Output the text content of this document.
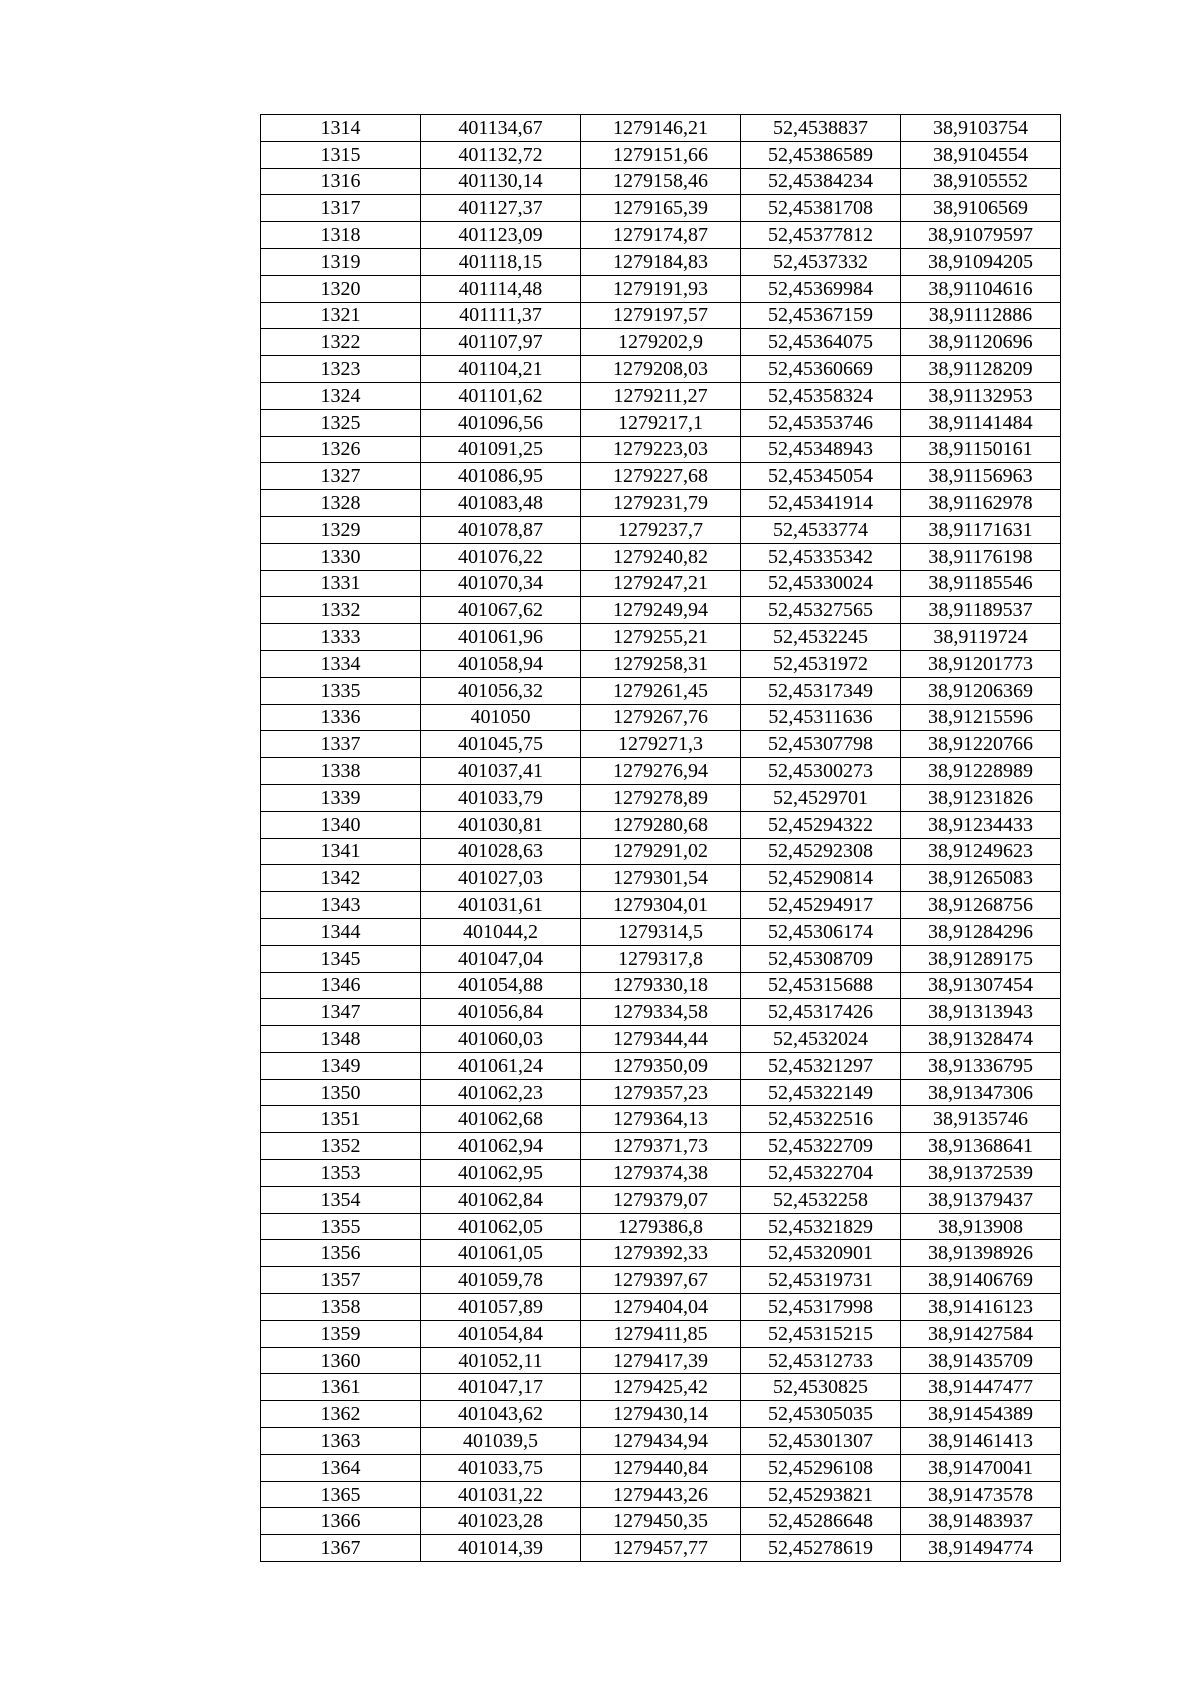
1314	401134,67	1279146,21	52,4538837	38,9103754
1315	401132,72	1279151,66	52,45386589	38,9104554
1316	401130,14	1279158,46	52,45384234	38,9105552
1317	401127,37	1279165,39	52,45381708	38,9106569
1318	401123,09	1279174,87	52,45377812	38,91079597
1319	401118,15	1279184,83	52,4537332	38,91094205
1320	401114,48	1279191,93	52,45369984	38,91104616
1321	401111,37	1279197,57	52,45367159	38,91112886
1322	401107,97	1279202,9	52,45364075	38,91120696
1323	401104,21	1279208,03	52,45360669	38,91128209
1324	401101,62	1279211,27	52,45358324	38,91132953
1325	401096,56	1279217,1	52,45353746	38,91141484
1326	401091,25	1279223,03	52,45348943	38,91150161
1327	401086,95	1279227,68	52,45345054	38,91156963
1328	401083,48	1279231,79	52,45341914	38,91162978
1329	401078,87	1279237,7	52,4533774	38,91171631
1330	401076,22	1279240,82	52,45335342	38,91176198
1331	401070,34	1279247,21	52,45330024	38,91185546
1332	401067,62	1279249,94	52,45327565	38,91189537
1333	401061,96	1279255,21	52,4532245	38,9119724
1334	401058,94	1279258,31	52,4531972	38,91201773
1335	401056,32	1279261,45	52,45317349	38,91206369
1336	401050	1279267,76	52,45311636	38,91215596
1337	401045,75	1279271,3	52,45307798	38,91220766
1338	401037,41	1279276,94	52,45300273	38,91228989
1339	401033,79	1279278,89	52,4529701	38,91231826
1340	401030,81	1279280,68	52,45294322	38,91234433
1341	401028,63	1279291,02	52,45292308	38,91249623
1342	401027,03	1279301,54	52,45290814	38,91265083
1343	401031,61	1279304,01	52,45294917	38,91268756
1344	401044,2	1279314,5	52,45306174	38,91284296
1345	401047,04	1279317,8	52,45308709	38,91289175
1346	401054,88	1279330,18	52,45315688	38,91307454
1347	401056,84	1279334,58	52,45317426	38,91313943
1348	401060,03	1279344,44	52,4532024	38,91328474
1349	401061,24	1279350,09	52,45321297	38,91336795
1350	401062,23	1279357,23	52,45322149	38,91347306
1351	401062,68	1279364,13	52,45322516	38,9135746
1352	401062,94	1279371,73	52,45322709	38,91368641
1353	401062,95	1279374,38	52,45322704	38,91372539
1354	401062,84	1279379,07	52,4532258	38,91379437
1355	401062,05	1279386,8	52,45321829	38,913908
1356	401061,05	1279392,33	52,45320901	38,91398926
1357	401059,78	1279397,67	52,45319731	38,91406769
1358	401057,89	1279404,04	52,45317998	38,91416123
1359	401054,84	1279411,85	52,45315215	38,91427584
1360	401052,11	1279417,39	52,45312733	38,91435709
1361	401047,17	1279425,42	52,4530825	38,91447477
1362	401043,62	1279430,14	52,45305035	38,91454389
1363	401039,5	1279434,94	52,45301307	38,91461413
1364	401033,75	1279440,84	52,45296108	38,91470041
1365	401031,22	1279443,26	52,45293821	38,91473578
1366	401023,28	1279450,35	52,45286648	38,91483937
1367	401014,39	1279457,77	52,45278619	38,91494774
